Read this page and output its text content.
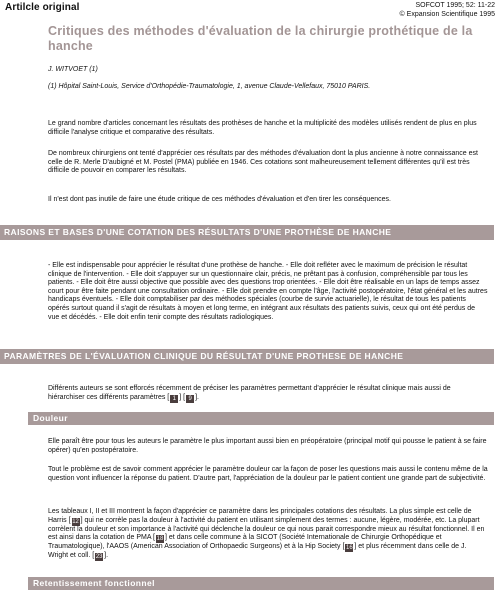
Artilcle original	SOFCOT 1995; 52: 11-22
© Expansion Scientifique 1995
Critiques des méthodes d'évaluation de la chirurgie prothétique de la hanche
J. WITVOET (1)
(1) Hôpital Saint-Louis, Service d'Orthopédie-Traumatologie, 1, avenue Claude-Vellefaux, 75010 PARIS.

Le grand nombre d'articles concernant les résultats des prothèses de hanche et la multiplicité des modèles utilisés rendent de plus en plus difficile l'analyse critique et comparative des résultats.

De nombreux chirurgiens ont tenté d'apprécier ces résultats par des méthodes d'évaluation dont la plus ancienne à notre connaissance est celle de R. Merle D'aubigné et M. Postel (PMA) publiée en 1946. Ces cotations sont malheureusement tellement différentes qu'il est très difficile de pouvoir en comparer les résultats.

Il n'est dont pas inutile de faire une étude critique de ces méthodes d'évaluation et d'en tirer les conséquences.

RAISONS ET BASES D'UNE COTATION DES RÉSULTATS D'UNE PROTHÈSE DE HANCHE

- Elle est indispensable pour apprécier le résultat d'une prothèse de hanche. - Elle doit refléter avec le maximum de précision le résultat clinique de l'intervention. - Elle doit s'appuyer sur un questionnaire clair, précis, ne prêtant pas à confusion, compréhensible par tous les patients. - Elle doit être aussi objective que possible avec des questions trop orientées. - Elle doit être réalisable en un laps de temps assez court pour être faite pendant une consultation ordinaire. - Elle doit prendre en compte l'âge, l'activité postopératoire, l'état général et les autres handicaps éventuels. - Elle doit comptabiliser par des méthodes spéciales (courbe de survie actuarielle), le résultat de tous les patients opérés surtout quand il s'agit de résultats à moyen et long terme, en intégrant aux résultats des patients suivis, ceux qui ont été perdus de vue et décédés. - Elle doit enfin tenir compte des résultats radiologiques.

PARAMÈTRES DE L'ÉVALUATION CLINIQUE DU RÉSULTAT D'UNE PROTHESE DE HANCHE

Différents auteurs se sont efforcés récemment de préciser les paramètres permettant d'apprécier le résultat clinique mais aussi de hiérarchiser ces différents paramètres [ 1 ] [ 9 ].

Douleur

Elle paraît être pour tous les auteurs le paramètre le plus important aussi bien en préopératoire (principal motif qui pousse le patient à se faire opérer) qu'en postopératoire.

Tout le problème est de savoir comment apprécier le paramètre douleur car la façon de poser les questions mais aussi le contenu même de la question vont influencer la réponse du patient. D'autre part, l'appréciation de la douleur par le patient contient une grande part de subjectivité.

Les tableaux I, II et III montrent la façon d'apprécier ce paramètre dans les principales cotations des résultats. La plus simple est celle de Harris [ 12 ] qui ne corrèle pas la douleur à l'activité du patient en utilisant simplement des termes : aucune, légère, modérée, etc. La plupart corrèlent la douleur et son importance à l'activité qui déclenche la douleur ce qui nous parait correspondre mieux au résultat fonctionnel. Il en est ainsi dans la cotation de PMA [ 18 ] et dans celle commune à la SICOT (Société Internationale de Chirurgie Orthopédique et Traumatologique), l'AAOS (American Association of Orthopaedic Surgeons) et à la Hip Society [ 16 ] et plus récemment dans celle de J. Wright et coll. [ 23 ].

Retentissement fonctionnel
